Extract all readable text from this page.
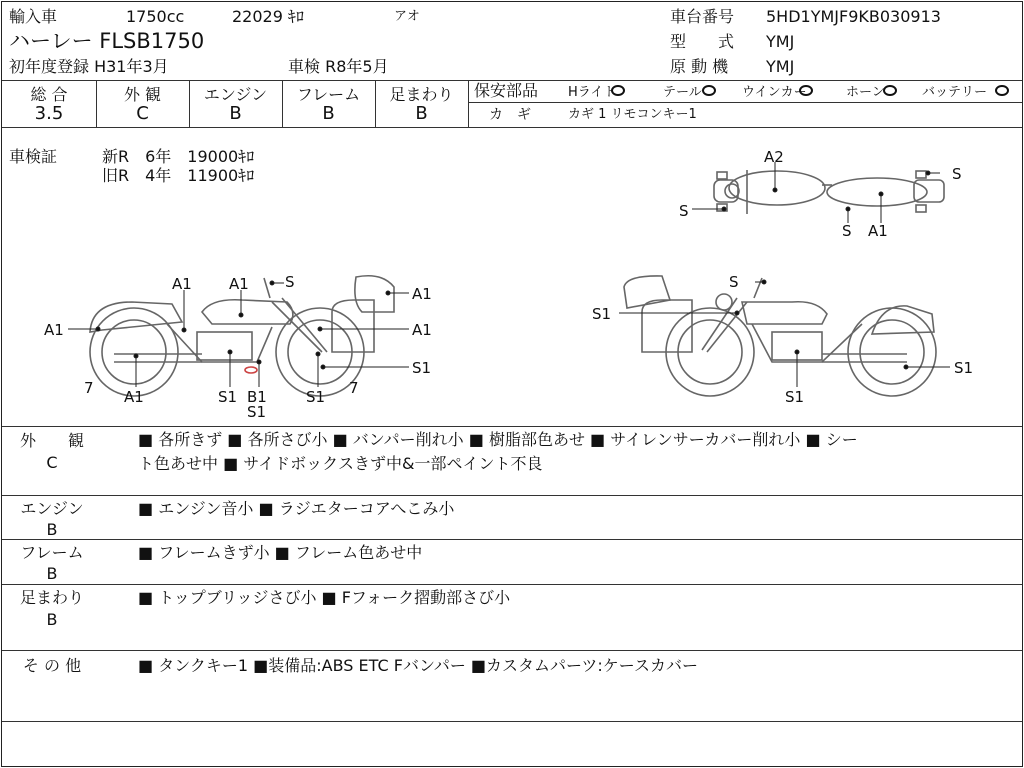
輸入車	1750cc	22029 ｷﾛ	アオ
ハーレー FLSB1750
初年度登録 H31年3月	車検 R8年5月
車台番号 5HD1YMJF9KB030913
型　　式 YMJ
原 動 機 YMJ
総 合	外 観	エンジン	フレーム	足まわり
3.5	C	B	B	B
保安部品 Hライト	テール	ウインカー	ホーン	バッテリー
カ　ギ	カギ 1 リモコンキー1
車検証	新R　6年　19000ｷﾛ
旧R　4年　11900ｷﾛ
A2
S
S
S A1
A1 A1 S
A1
A1	A1
7 A1	S1 B1
S1
S1 7
S1
S
S1
S1
S1
外　　観
C
■ 各所きず ■ 各所さび小 ■ バンパー削れ小 ■ 樹脂部色あせ ■ サイレンサーカバー削れ小 ■ シー
ト色あせ中 ■ サイドボックスきず中&一部ペイント不良
エンジン
B
■ エンジン音小 ■ ラジエターコアへこみ小
フレーム
B
■ フレームきず小 ■ フレーム色あせ中
足まわり
B
■ トップブリッジさび小 ■ Fフォーク摺動部さび小
そ の 他	■ タンクキー1 ■装備品:ABS ETC Fバンパー ■カスタムパーツ:ケースカバー
